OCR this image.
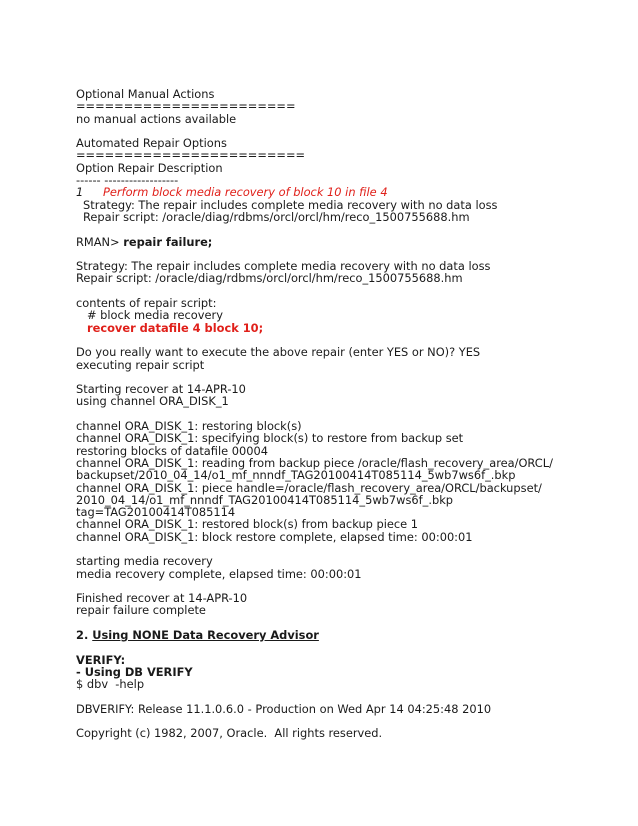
Optional Manual Actions
=======================
no manual actions available
Automated Repair Options
========================
Option Repair Description
------ ------------------
1 Perform block media recovery of block 10 in file 4
Strategy: The repair includes complete media recovery with no data loss
Repair script: /oracle/diag/rdbms/orcl/orcl/hm/reco_1500755688.hm
RMAN> repair failure;
Strategy: The repair includes complete media recovery with no data loss
Repair script: /oracle/diag/rdbms/orcl/orcl/hm/reco_1500755688.hm
contents of repair script:
# block media recovery
recover datafile 4 block 10;
Do you really want to execute the above repair (enter YES or NO)? YES
executing repair script
Starting recover at 14-APR-10
using channel ORA_DISK_1
channel ORA_DISK_1: restoring block(s)
channel ORA_DISK_1: specifying block(s) to restore from backup set
restoring blocks of datafile 00004
channel ORA_DISK_1: reading from backup piece /oracle/flash_recovery_area/ORCL/
backupset/2010_04_14/o1_mf_nnndf_TAG20100414T085114_5wb7ws6f_.bkp
channel ORA_DISK_1: piece handle=/oracle/flash_recovery_area/ORCL/backupset/
2010_04_14/o1_mf_nnndf_TAG20100414T085114_5wb7ws6f_.bkp
tag=TAG20100414T085114
channel ORA_DISK_1: restored block(s) from backup piece 1
channel ORA_DISK_1: block restore complete, elapsed time: 00:00:01
starting media recovery
media recovery complete, elapsed time: 00:00:01
Finished recover at 14-APR-10
repair failure complete
2. Using NONE Data Recovery Advisor
VERIFY:
- Using DB VERIFY
$ dbv  -help
DBVERIFY: Release 11.1.0.6.0 - Production on Wed Apr 14 04:25:48 2010
Copyright (c) 1982, 2007, Oracle.  All rights reserved.
